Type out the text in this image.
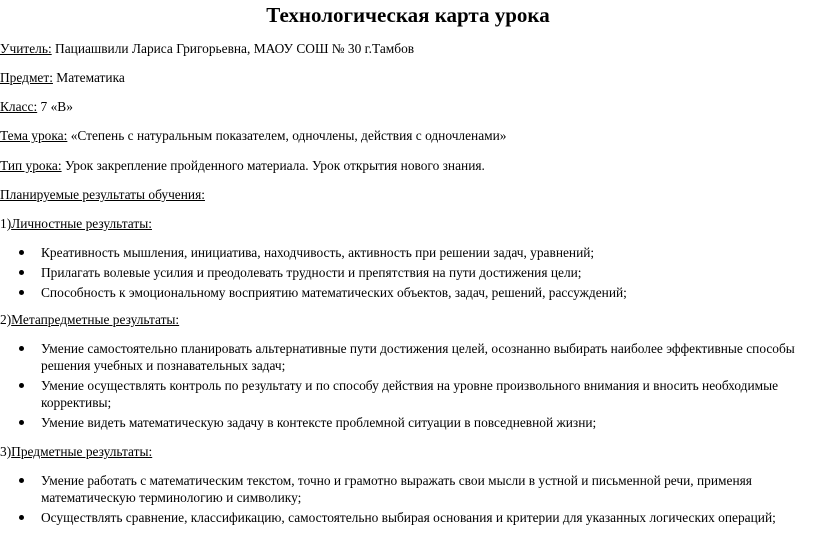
Технологическая карта урока
Учитель: Пациашвили Лариса Григорьевна, МАОУ СОШ № 30 г.Тамбов
Предмет: Математика
Класс: 7 «В»
Тема урока: «Степень с натуральным показателем, одночлены, действия с одночленами»
Тип урока: Урок закрепление пройденного материала. Урок открытия нового знания.
Планируемые результаты обучения:
1)Личностные результаты:
Креативность мышления, инициатива, находчивость, активность при решении задач, уравнений;
Прилагать волевые усилия и преодолевать трудности и препятствия на пути достижения цели;
Способность к эмоциональному восприятию математических объектов, задач, решений, рассуждений;
2)Метапредметные результаты:
Умение самостоятельно планировать альтернативные пути достижения целей, осознанно выбирать наиболее эффективные способы решения учебных и познавательных задач;
Умение осуществлять контроль по результату и по способу действия на уровне произвольного внимания и вносить необходимые коррективы;
Умение видеть математическую задачу в контексте проблемной ситуации в повседневной жизни;
3)Предметные результаты:
Умение работать с математическим текстом, точно и грамотно выражать свои мысли в устной и письменной речи, применяя математическую терминологию и символику;
Осуществлять сравнение, классификацию, самостоятельно выбирая основания и критерии для указанных логических операций;
